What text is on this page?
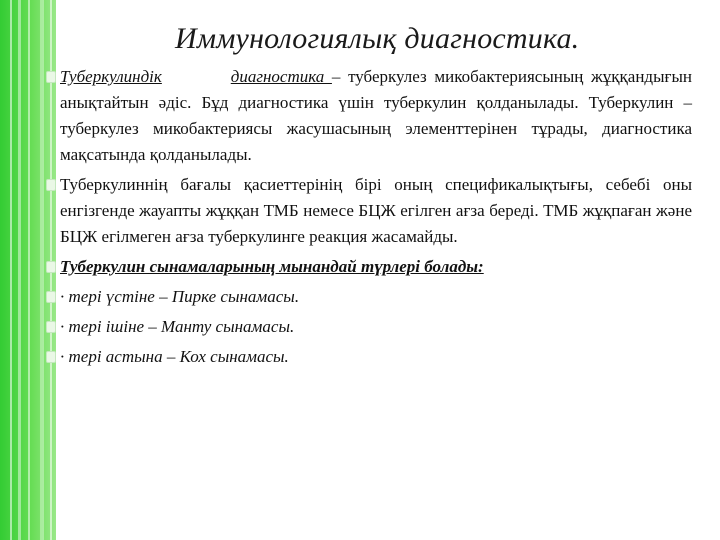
Иммунологиялық диагностика.

Туберкулиндік	диагностика – туберкулез микобактериясының жұққандығын анықтайтын әдіс. Бұд диагностика үшін туберкулин қолданылады. Туберкулин – туберкулез микобактериясы жасушасының элементтерінен тұрады, диагностика мақсатында қолданылады.

Туберкулиннің бағалы қасиеттерінің бірі оның спецификалықтығы, себебі оны енгізгенде жауапты жұққан ТМБ немесе БЦЖ егілген ағза береді. ТМБ жұқпаған және БЦЖ егілмеген ағза туберкулинге реакция жасамайды.

Туберкулин сынамаларының мынандай түрлері болады:

· тері үстіне – Пирке сынамасы.

· тері ішіне – Манту сынамасы.

· тері астына – Кох сынамасы.
